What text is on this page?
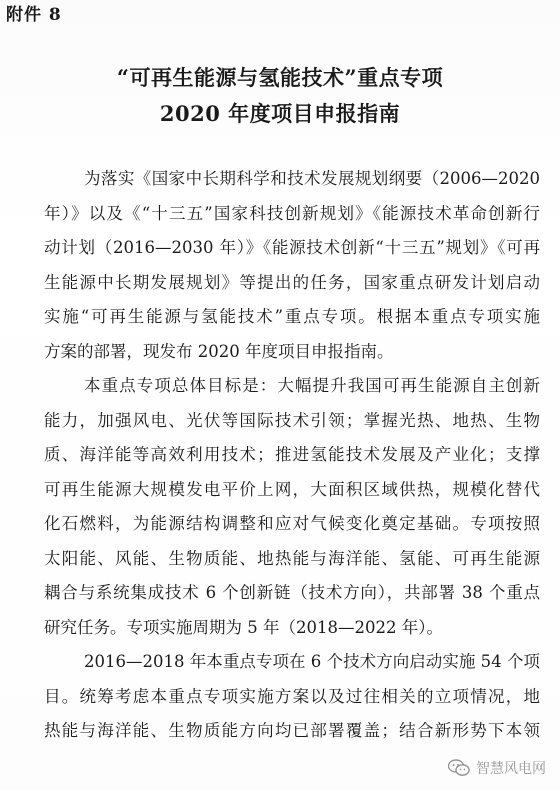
附件 8
“可再生能源与氢能技术”重点专项
2020 年度项目申报指南
为落实《国家中长期科学和技术发展规划纲要（2006—2020
年）》以及《“十三五”国家科技创新规划》《能源技术革命创新行
动计划（2016—2030 年）》《能源技术创新“十三五”规划》《可再
生能源中长期发展规划》等提出的任务，国家重点研发计划启动
实施“可再生能源与氢能技术”重点专项。根据本重点专项实施
方案的部署，现发布 2020 年度项目申报指南。
本重点专项总体目标是：大幅提升我国可再生能源自主创新
能力，加强风电、光伏等国际技术引领；掌握光热、地热、生物
质、海洋能等高效利用技术；推进氢能技术发展及产业化；支撑
可再生能源大规模发电平价上网，大面积区域供热，规模化替代
化石燃料，为能源结构调整和应对气候变化奠定基础。专项按照
太阳能、风能、生物质能、地热能与海洋能、氢能、可再生能源
耦合与系统集成技术 6 个创新链（技术方向），共部署 38 个重点
研究任务。专项实施周期为 5 年（2018—2022 年）。
2016—2018 年本重点专项在 6 个技术方向启动实施 54 个项
目。统筹考虑本重点专项实施方案以及过往相关的立项情况，地
热能与海洋能、生物质能方向均已部署覆盖；结合新形势下本领
智慧风电网
